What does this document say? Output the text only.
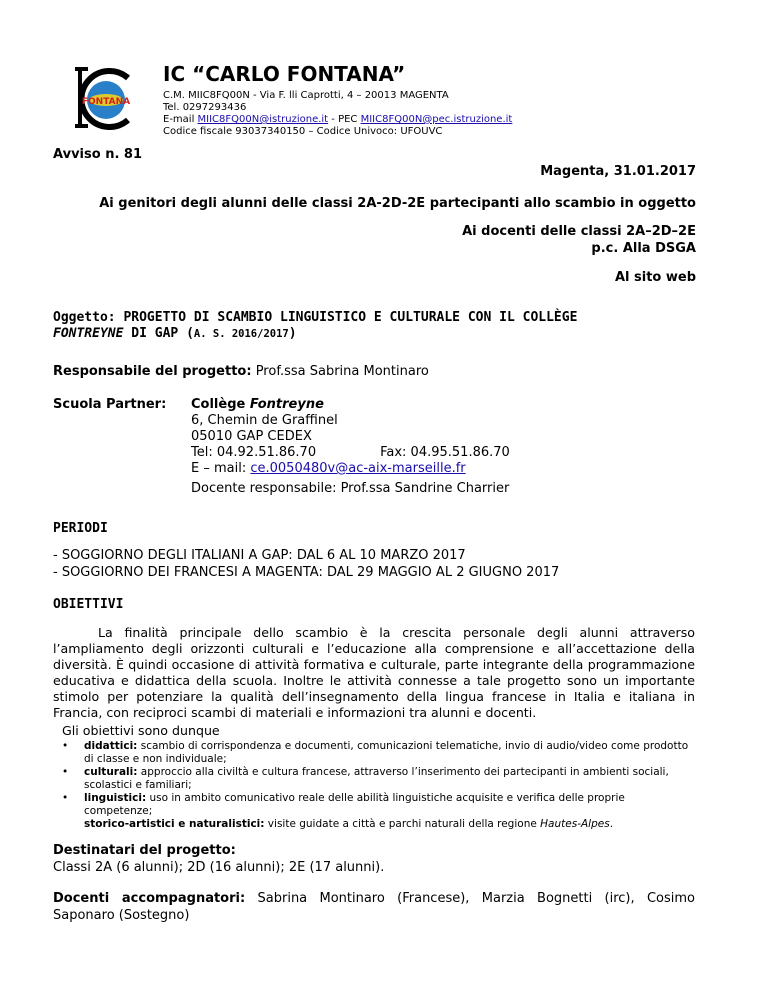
FONTANA
IC “CARLO FONTANA”
C.M. MIIC8FQ00N - Via F. lli Caprotti, 4 – 20013 MAGENTA
Tel. 0297293436
E-mail MIIC8FQ00N@istruzione.it - PEC MIIC8FQ00N@pec.istruzione.it
Codice fiscale 93037340150 – Codice Univoco: UFOUVC
Avviso n. 81
Magenta, 31.01.2017
Ai genitori degli alunni delle classi 2A-2D-2E partecipanti allo scambio in oggetto
Ai docenti delle classi 2A–2D–2E
p.c. Alla DSGA
Al sito web
Oggetto: PROGETTO DI SCAMBIO LINGUISTICO E CULTURALE CON IL COLLÈGE
FONTREYNE DI GAP (A. S. 2016/2017)
Responsabile del progetto: Prof.ssa Sabrina Montinaro
Scuola Partner: Collège Fontreyne
6, Chemin de Graffinel
05010 GAP CEDEX
Tel: 04.92.51.86.70	Fax: 04.95.51.86.70
E – mail: ce.0050480v@ac-aix-marseille.fr
Docente responsabile: Prof.ssa Sandrine Charrier
PERIODI
- SOGGIORNO DEGLI ITALIANI A GAP: DAL 6 AL 10 MARZO 2017
- SOGGIORNO DEI FRANCESI A MAGENTA: DAL 29 MAGGIO AL 2 GIUGNO 2017
OBIETTIVI
La finalità principale dello scambio è la crescita personale degli alunni attraverso l’ampliamento degli orizzonti culturali e l’educazione alla comprensione e all’accettazione della diversità. È quindi occasione di attività formativa e culturale, parte integrante della programmazione educativa e didattica della scuola. Inoltre le attività connesse a tale progetto sono un importante stimolo per potenziare la qualità dell’insegnamento della lingua francese in Italia e italiana in Francia, con reciproci scambi di materiali e informazioni tra alunni e docenti.
Gli obiettivi sono dunque
• didattici: scambio di corrispondenza e documenti, comunicazioni telematiche, invio di audio/video come prodotto di classe e non individuale;
• culturali: approccio alla civiltà e cultura francese, attraverso l’inserimento dei partecipanti in ambienti sociali, scolastici e familiari;
• linguistici: uso in ambito comunicativo reale delle abilità linguistiche acquisite e verifica delle proprie competenze;
storico-artistici e naturalistici: visite guidate a città e parchi naturali della regione Hautes-Alpes.
Destinatari del progetto:
Classi 2A (6 alunni); 2D (16 alunni); 2E (17 alunni).
Docenti accompagnatori: Sabrina Montinaro (Francese), Marzia Bognetti (irc), Cosimo Saponaro (Sostegno)
